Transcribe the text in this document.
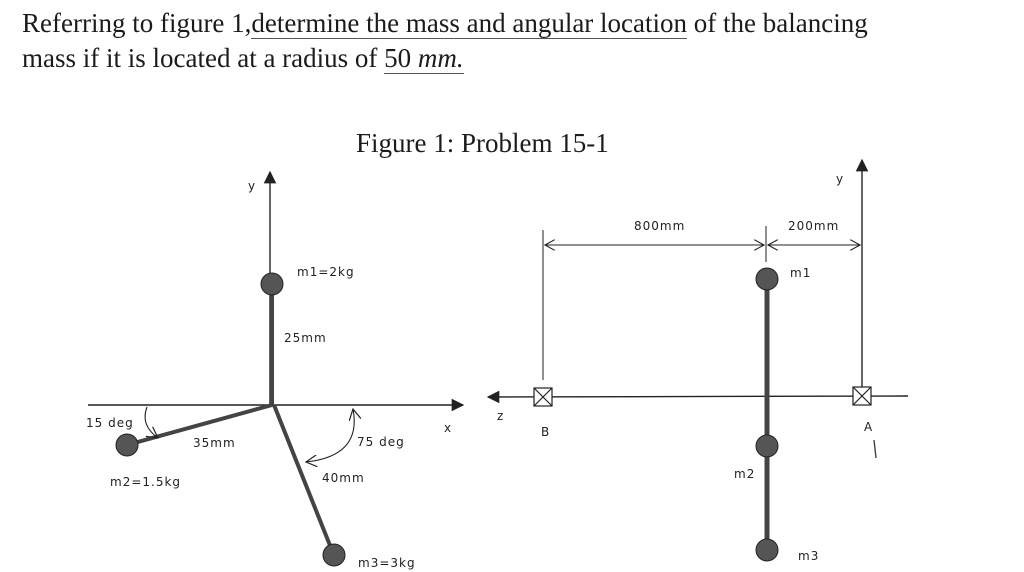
Referring to figure 1,determine the mass and angular location of the balancing
mass if it is located at a radius of 50 mm.
Figure 1: Problem 15-1
y
x
m1=2kg
25mm
m2=1.5kg
35mm
m3=3kg
40mm
15 deg
75 deg
z
y
800mm	200mm
m1
m2
m3
B	A
